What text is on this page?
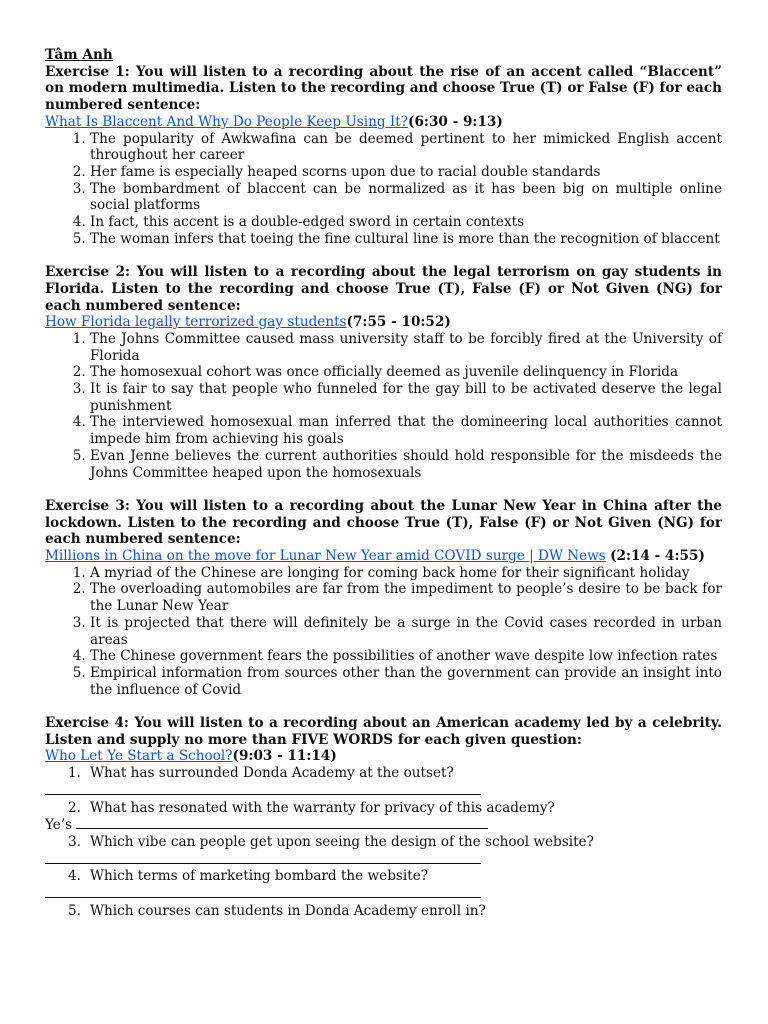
Tâm Anh

Exercise 1: You will listen to a recording about the rise of an accent called “Blaccent” on modern multimedia. Listen to the recording and choose True (T) or False (F) for each numbered sentence:

What Is Blaccent And Why Do People Keep Using It?(6:30 - 9:13)

1. The popularity of Awkwafina can be deemed pertinent to her mimicked English accent throughout her career
2. Her fame is especially heaped scorns upon due to racial double standards
3. The bombardment of blaccent can be normalized as it has been big on multiple online social platforms
4. In fact, this accent is a double-edged sword in certain contexts
5. The woman infers that toeing the fine cultural line is more than the recognition of blaccent

Exercise 2: You will listen to a recording about the legal terrorism on gay students in Florida. Listen to the recording and choose True (T), False (F) or Not Given (NG) for each numbered sentence:

How Florida legally terrorized gay students(7:55 - 10:52)

1. The Johns Committee caused mass university staff to be forcibly fired at the University of Florida
2. The homosexual cohort was once officially deemed as juvenile delinquency in Florida
3. It is fair to say that people who funneled for the gay bill to be activated deserve the legal punishment
4. The interviewed homosexual man inferred that the domineering local authorities cannot impede him from achieving his goals
5. Evan Jenne believes the current authorities should hold responsible for the misdeeds the Johns Committee heaped upon the homosexuals

Exercise 3: You will listen to a recording about the Lunar New Year in China after the lockdown. Listen to the recording and choose True (T), False (F) or Not Given (NG) for each numbered sentence:

Millions in China on the move for Lunar New Year amid COVID surge | DW News (2:14 - 4:55)

1. A myriad of the Chinese are longing for coming back home for their significant holiday
2. The overloading automobiles are far from the impediment to people’s desire to be back for the Lunar New Year
3. It is projected that there will definitely be a surge in the Covid cases recorded in urban areas
4. The Chinese government fears the possibilities of another wave despite low infection rates
5. Empirical information from sources other than the government can provide an insight into the influence of Covid

Exercise 4: You will listen to a recording about an American academy led by a celebrity. Listen and supply no more than FIVE WORDS for each given question:

Who Let Ye Start a School?(9:03 - 11:14)

1. What has surrounded Donda Academy at the outset?

2. What has resonated with the warranty for privacy of this academy?

Ye’s

3. Which vibe can people get upon seeing the design of the school website?

4. Which terms of marketing bombard the website?

5. Which courses can students in Donda Academy enroll in?
